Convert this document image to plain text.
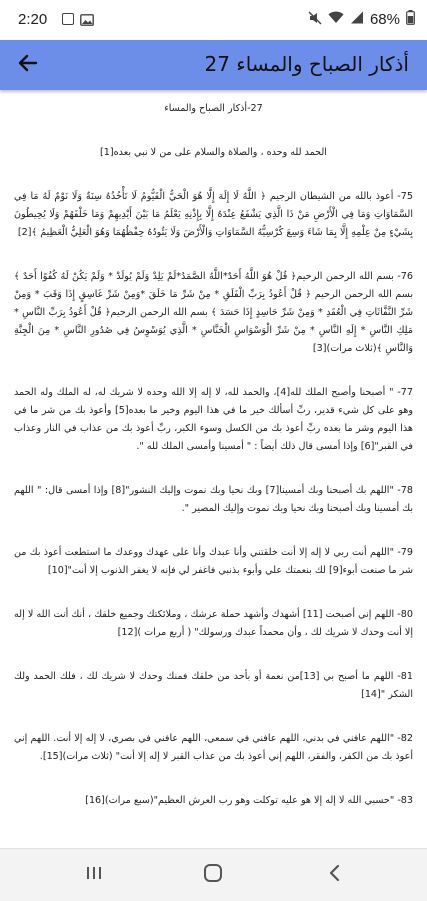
2:20	68%
أذكار الصباح والمساء 27

27-أذكار الصباح والمساء

الحمد لله وحده ، والصلاة والسلام على من لا نبي بعده[1]

75- أعوذ بالله من الشيطان الرجيم ﴿ اللَّهُ لَا إِلَهَ إِلَّا هُوَ الْحَيُّ الْقَيُّومُ لَا تَأْخُذُهُ سِنَةٌ وَلَا نَوْمٌ لَهُ مَا فِي السَّمَاوَاتِ وَمَا فِي الْأَرْضِ مَنْ ذَا الَّذِي يَشْفَعُ عِنْدَهُ إِلَّا بِإِذْنِهِ يَعْلَمُ مَا بَيْنَ أَيْدِيهِمْ وَمَا خَلْفَهُمْ وَلَا يُحِيطُونَ بِشَيْءٍ مِنْ عِلْمِهِ إِلَّا بِمَا شَاءَ وَسِعَ كُرْسِيُّهُ السَّمَاوَاتِ وَالْأَرْضَ وَلَا يَئُودُهُ حِفْظُهُمَا وَهُوَ الْعَلِيُّ الْعَظِيمُ ﴾[2]

76- بسم الله الرحمن الرحيم﴿ قُلْ هُوَ اللَّهُ أَحَدٌ*اللَّهُ الصَّمَدُ*لَمْ يَلِدْ وَلَمْ يُولَدْ * وَلَمْ يَكُنْ لَهُ كُفُوًا أَحَدٌ ﴾بسم الله الرحمن الرحيم ﴿ قُلْ أَعُوذُ بِرَبِّ الْفَلَقِ * مِنْ شَرِّ مَا خَلَقَ *وَمِنْ شَرِّ غَاسِقٍ إِذَا وَقَبَ * وَمِنْ شَرِّ النَّفَّاثَاتِ فِي الْعُقَدِ * وَمِنْ شَرِّ حَاسِدٍ إِذَا حَسَدَ ﴾ بسم الله الرحمن الرحيم﴿ قُلْ أَعُوذُ بِرَبِّ النَّاسِ * مَلِكِ النَّاسِ * إِلَهِ النَّاسِ * مِنْ شَرِّ الْوَسْوَاسِ الْخَنَّاسِ * الَّذِي يُوَسْوِسُ فِي صُدُورِ النَّاسِ * مِنَ الْجِنَّةِ وَالنَّاسِ ﴾(ثلاث مرات)[3]

77- " أصبحنا وأصبح الملك لله[4]، والحمد لله، لا إله إلا الله وحده لا شريك له، له الملك وله الحمد وهو على كل شيء قدير، ربِّ أسألك خير ما في هذا اليوم وخير ما بعده[5] وأعوذ بك من شر ما في هذا اليوم وشر ما بعده ربِّ أعوذ بك من الكسل وسوء الكبر، ربِّ أعوذ بك من عذاب في النار وعذاب في القبر"[6] وإذا أمسى قال ذلك أيضاً : " أمسينا وأمسى الملك لله ".

78- "اللهم بك أصبحنا وبك أمسينا[7] وبك نحيا وبك نموت وإليك النشور"[8] وإذا أمسى قال: " اللهم بك أمسينا وبك أصبحنا وبك نحيا وبك نموت وإليك المصير ".

79- "اللهم أنت ربي لا إله إلا أنت خلقتني وأنا عبدك وأنا على عهدك ووعدك ما استطعت أعوذ بك من شر ما صنعت أبوء[9] لك بنعمتك علي وأبوء بذنبي فاغفر لي فإنه لا يغفر الذنوب إلا أنت"[10]

80- اللهم إني أصبحت [11] أشهدك وأشهد حملة عرشك ، وملائكتك وجميع خلقك ، أنك أنت الله لا إله إلا أنت وحدك لا شريك لك ، وأن محمداً عبدك ورسولك" ( أربع مرات )[12]

81- اللهم ما أصبح بي [13]من نعمة أو بأحد من خلقك فمنك وحدك لا شريك لك ، فلك الحمد ولك الشكر "[14]

82- "اللهم عافني في بدني، اللهم عافني في سمعي، اللهم عافني في بصري، لا إله إلا أنت. اللهم إني أعوذ بك من الكفر، والفقر، اللهم إني أعوذ بك من عذاب القبر لا إله إلا أنت" (ثلاث مرات)[15].

83- "حسبي الله لا إله إلا هو عليه توكلت وهو رب العرش العظيم"(سبع مرات)[16]
